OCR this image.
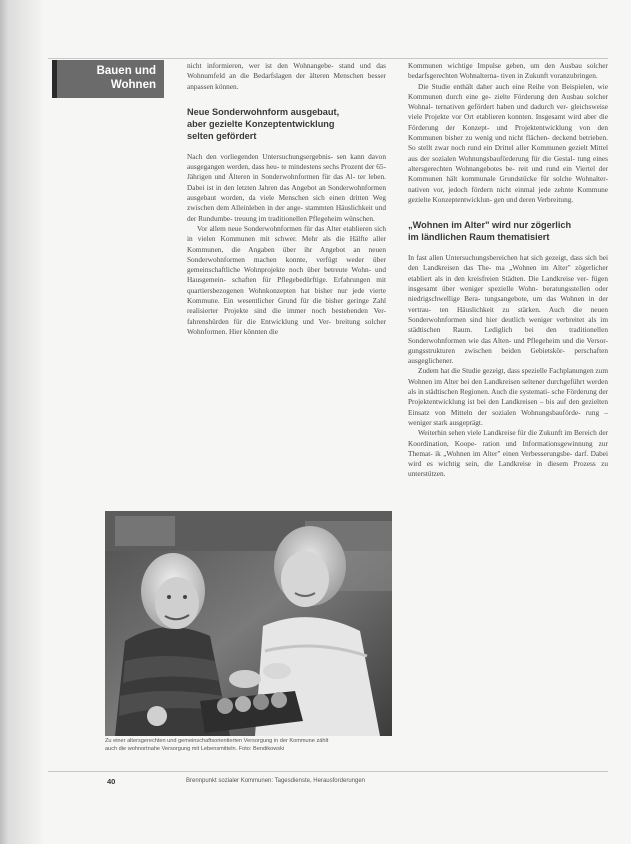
Bauen und
Wohnen

nicht informieren, wer ist den Wohnangebe- stand und das Wohnumfeld an die Bedarfslagen der älteren Menschen besser anpassen können.

Neue Sonderwohnform ausgebaut,
aber gezielte Konzeptentwicklung
selten gefördert

Nach den vorliegenden Untersuchungsergebnis- sen kann davon ausgegangen werden, dass heu- te mindestens sechs Prozent der 65-Jährigen und Älteren in Sonderwohnformen für das Al- ter leben. Dabei ist in den letzten Jahren das Angebot an Sonderwohnformen ausgebaut worden, da viele Menschen sich einen dritten Weg zwischen dem Alleinleben in der ange- stammten Häuslichkeit und der Rundumbe- treuung im traditionellen Pflegeheim wünschen.

Vor allem neue Sonderwohnformen für das Alter etablieren sich in vielen Kommunen mit schwer. Mehr als die Hälfte aller Kommunen, die Angaben über ihr Angebot an neuen Sonderwohnformen machen konnte, verfügt weder über gemeinschaftliche Wohnprojekte noch über betreute Wohn- und Hausgemein- schaften für Pflegebedürftige. Erfahrungen mit quartiersbezogenen Wohnkonzepten hat bisher nur jede vierte Kommune. Ein wesentlicher Grund für die bisher geringe Zahl realisierter Projekte sind die immer noch bestehenden Ver- fahrenshürden für die Entwicklung und Ver- breitung solcher Wohnformen. Hier könnten die

Kommunen wichtige Impulse geben, um den Ausbau solcher bedarfsgerechten Wohnalterna- tiven in Zukunft voranzubringen.

Die Studie enthält daher auch eine Reihe von Beispielen, wie Kommunen durch eine ge- zielte Förderung den Ausbau solcher Wohnal- ternativen gefördert haben und dadurch ver- gleichsweise viele Projekte vor Ort etablieren konnten. Insgesamt wird aber die Förderung der Konzept- und Projektentwicklung von den Kommunen bisher zu wenig und nicht flächen- deckend betrieben. So stellt zwar noch rund ein Drittel aller Kommunen gezielt Mittel aus der sozialen Wohnungsbauförderung für die Gestal- tung eines altersgerechten Wohnangebotes be- reit und rund ein Viertel der Kommunen hält kommunale Grundstücke für solche Wohnalter- nativen vor, jedoch fördern nicht einmal jede zehnte Kommune gezielte Konzeptentwicklun- gen und deren Verbreitung.

„Wohnen im Alter" wird nur zögerlich
im ländlichen Raum thematisiert

In fast allen Untersuchungsbereichen hat sich gezeigt, dass sich bei den Landkreisen das The- ma „Wohnen im Alter" zögerlicher etabliert als in den kreisfreien Städten. Die Landkreise ver- fügen insgesamt über weniger spezielle Wohn- beratungsstellen oder niedrigschwellige Bera- tungsangebote, um das Wohnen in der vertrau- ten Häuslichkeit zu stärken. Auch die neuen Sonderwohnformen sind hier deutlich weniger verbreitet als im städtischen Raum. Lediglich bei den traditionellen Sonderwohnformen wie das Alten- und Pflegeheim und die Versor- gungsstrukturen zwischen beiden Gebietskör- perschaften ausgeglichener.

Zudem hat die Studie gezeigt, dass spezielle Fachplanungen zum Wohnen im Alter bei den Landkreisen seltener durchgeführt werden als in städtischen Regionen. Auch die systemati- sche Förderung der Projektentwicklung ist bei den Landkreisen – bis auf den gezielten Einsatz von Mitteln der sozialen Wohnungsbauförde- rung – weniger stark ausgeprägt.

Weiterhin sehen viele Landkreise für die Zukunft im Bereich der Koordination, Koope- ration und Informationsgewinnung zur Themat- ik „Wohnen im Alter" einen Verbesserungsbe- darf. Dabei wird es wichtig sein, die Landkreise in diesem Prozess zu unterstützen.

Zu einer altersgerechten und gemeinschaftsorientierten Versorgung in der Kommune zählt
auch die wohnortnahe Versorgung mit Lebensmitteln. Foto: Bendikowski
40	Brennpunkt sozialer Kommunen: Tagesdienste, Herausforderungen
